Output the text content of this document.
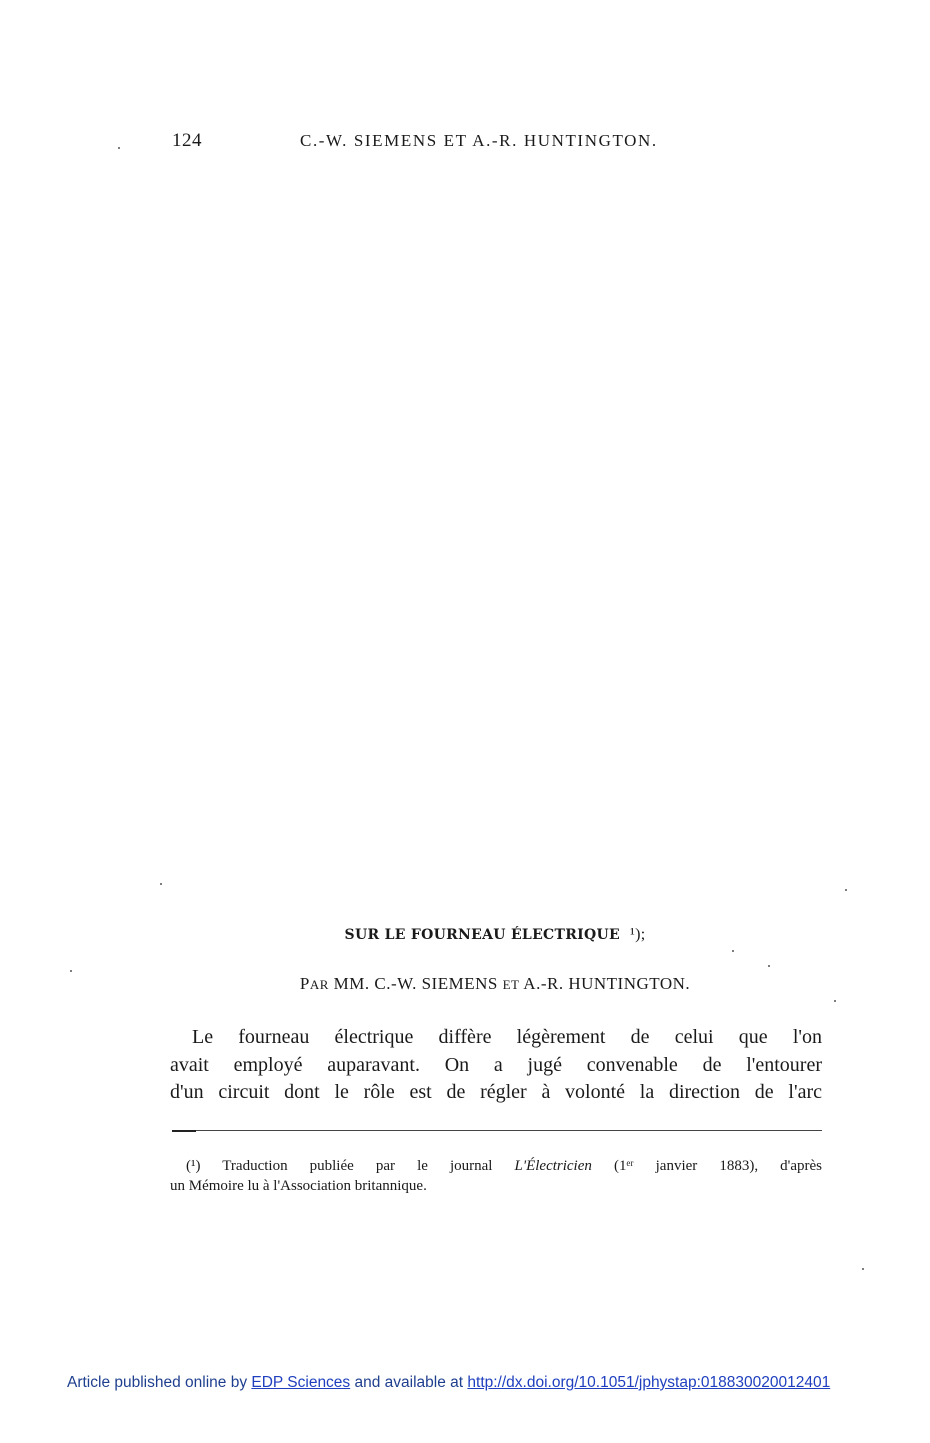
124	C.-W. SIEMENS ET A.-R. HUNTINGTON.
SUR LE FOURNEAU ÉLECTRIQUE ¹);
PAR MM. C.-W. SIEMENS ET A.-R. HUNTINGTON.
Le fourneau électrique diffère légèrement de celui que l'on
avait employé auparavant. On a jugé convenable de l'entourer
d'un circuit dont le rôle est de régler à volonté la direction de l'arc
(¹) Traduction publiée par le journal L'Électricien (1ᵉʳ janvier 1883), d'après
un Mémoire lu à l'Association britannique.
Article published online by EDP Sciences and available at http://dx.doi.org/10.1051/jphystap:018830020012401
